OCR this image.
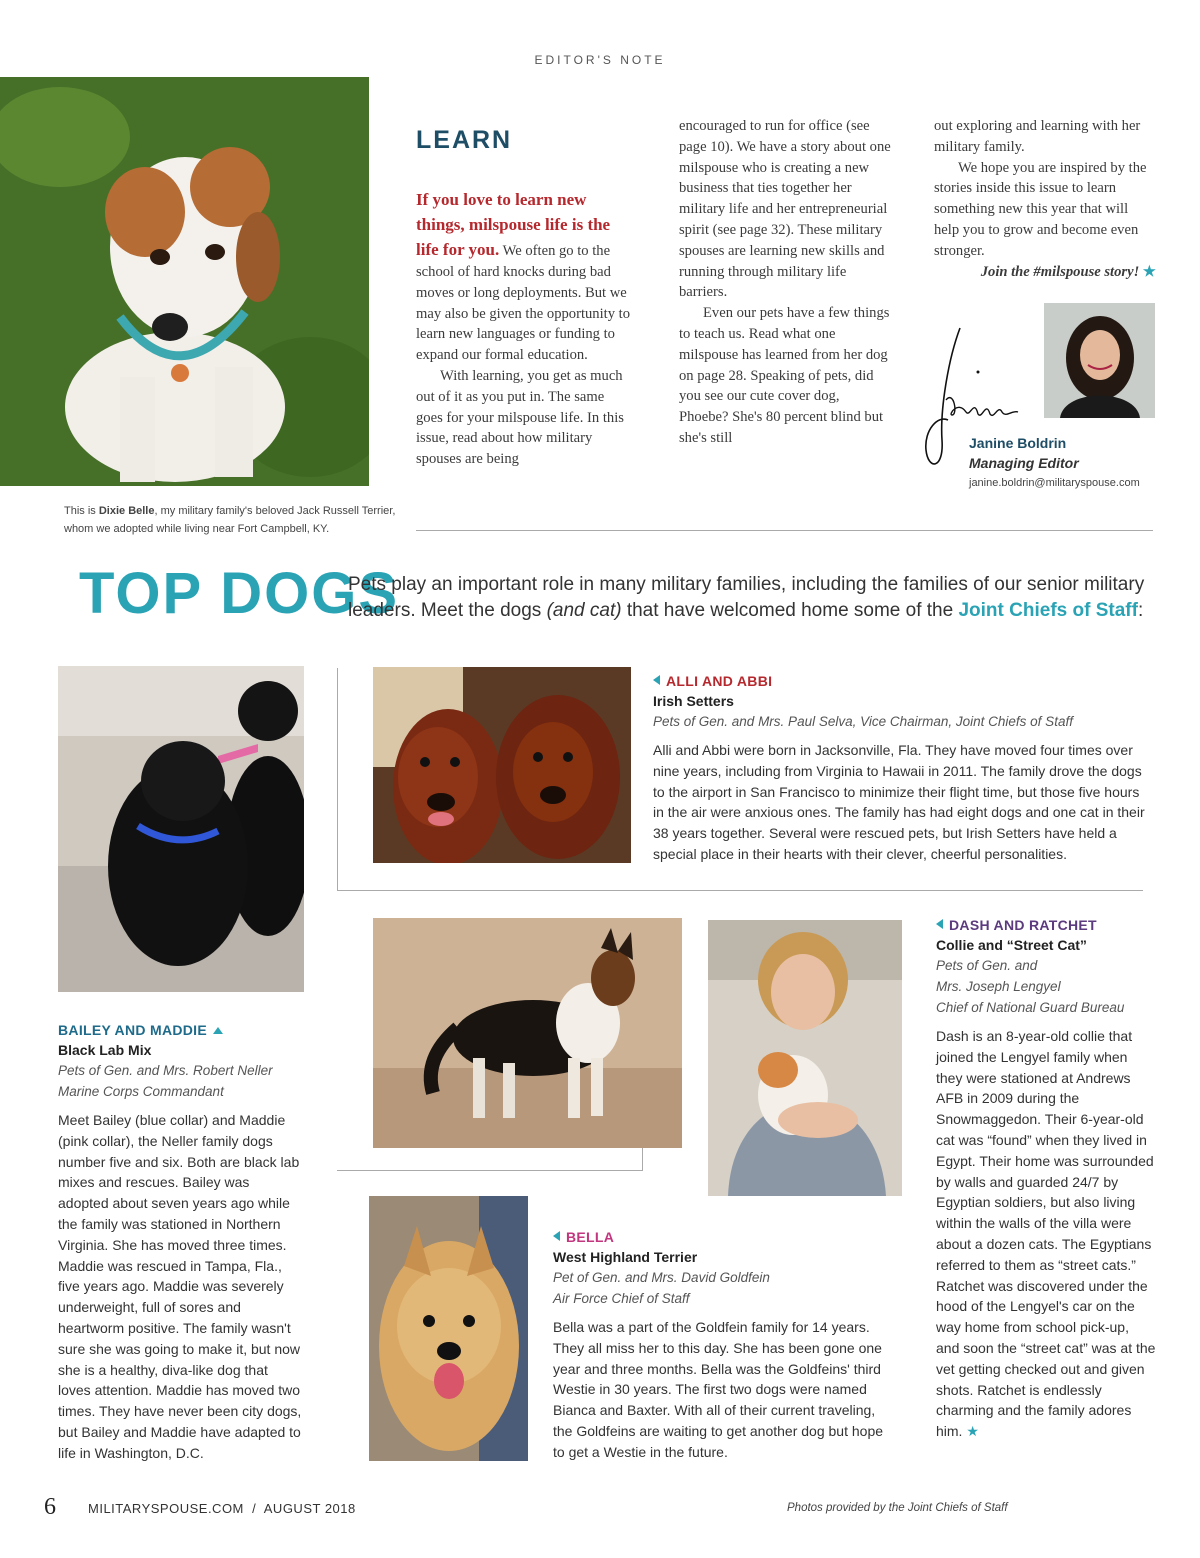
EDITOR'S NOTE
LEARN

If you love to learn new things, milspouse life is the life for you. We often go to the school of hard knocks during bad moves or long deployments. But we may also be given the opportunity to learn new languages or funding to expand our formal education.

With learning, you get as much out of it as you put in. The same goes for your milspouse life. In this issue, read about how military spouses are being

encouraged to run for office (see page 10). We have a story about one milspouse who is creating a new business that ties together her military life and her entrepreneurial spirit (see page 32). These military spouses are learning new skills and running through military life barriers.

Even our pets have a few things to teach us. Read what one milspouse has learned from her dog on page 28. Speaking of pets, did you see our cute cover dog, Phoebe? She's 80 percent blind but she's still

out exploring and learning with her military family.

We hope you are inspired by the stories inside this issue to learn something new this year that will help you to grow and become even stronger.

Join the #milspouse story! ★

Janine Boldrin
Managing Editor
janine.boldrin@militaryspouse.com
This is Dixie Belle, my military family's beloved Jack Russell Terrier, whom we adopted while living near Fort Campbell, KY.
TOP DOGS
Pets play an important role in many military families, including the families of our senior military leaders. Meet the dogs (and cat) that have welcomed home some of the Joint Chiefs of Staff:
BAILEY AND MADDIE
Black Lab Mix
Pets of Gen. and Mrs. Robert Neller
Marine Corps Commandant
Meet Bailey (blue collar) and Maddie (pink collar), the Neller family dogs number five and six. Both are black lab mixes and rescues. Bailey was adopted about seven years ago while the family was stationed in Northern Virginia. She has moved three times. Maddie was rescued in Tampa, Fla., five years ago. Maddie was severely underweight, full of sores and heartworm positive. The family wasn't sure she was going to make it, but now she is a healthy, diva-like dog that loves attention. Maddie has moved two times. They have never been city dogs, but Bailey and Maddie have adapted to life in Washington, D.C.
ALLI AND ABBI
Irish Setters
Pets of Gen. and Mrs. Paul Selva, Vice Chairman, Joint Chiefs of Staff
Alli and Abbi were born in Jacksonville, Fla. They have moved four times over nine years, including from Virginia to Hawaii in 2011. The family drove the dogs to the airport in San Francisco to minimize their flight time, but those five hours in the air were anxious ones. The family has had eight dogs and one cat in their 38 years together. Several were rescued pets, but Irish Setters have held a special place in their hearts with their clever, cheerful personalities.
DASH AND RATCHET
Collie and “Street Cat”
Pets of Gen. and
Mrs. Joseph Lengyel
Chief of National Guard Bureau
Dash is an 8-year-old collie that joined the Lengyel family when they were stationed at Andrews AFB in 2009 during the Snowmaggedon. Their 6-year-old cat was “found” when they lived in Egypt. Their home was surrounded by walls and guarded 24/7 by Egyptian soldiers, but also living within the walls of the villa were about a dozen cats. The Egyptians referred to them as “street cats.” Ratchet was discovered under the hood of the Lengyel's car on the way home from school pick-up, and soon the “street cat” was at the vet getting checked out and given shots. Ratchet is endlessly charming and the family adores him. ★
BELLA
West Highland Terrier
Pet of Gen. and Mrs. David Goldfein
Air Force Chief of Staff
Bella was a part of the Goldfein family for 14 years. They all miss her to this day. She has been gone one year and three months. Bella was the Goldfeins' third Westie in 30 years. The first two dogs were named Bianca and Baxter. With all of their current traveling, the Goldfeins are waiting to get another dog but hope to get a Westie in the future.
6 MILITARYSPOUSE.COM / AUGUST 2018	Photos provided by the Joint Chiefs of Staff
